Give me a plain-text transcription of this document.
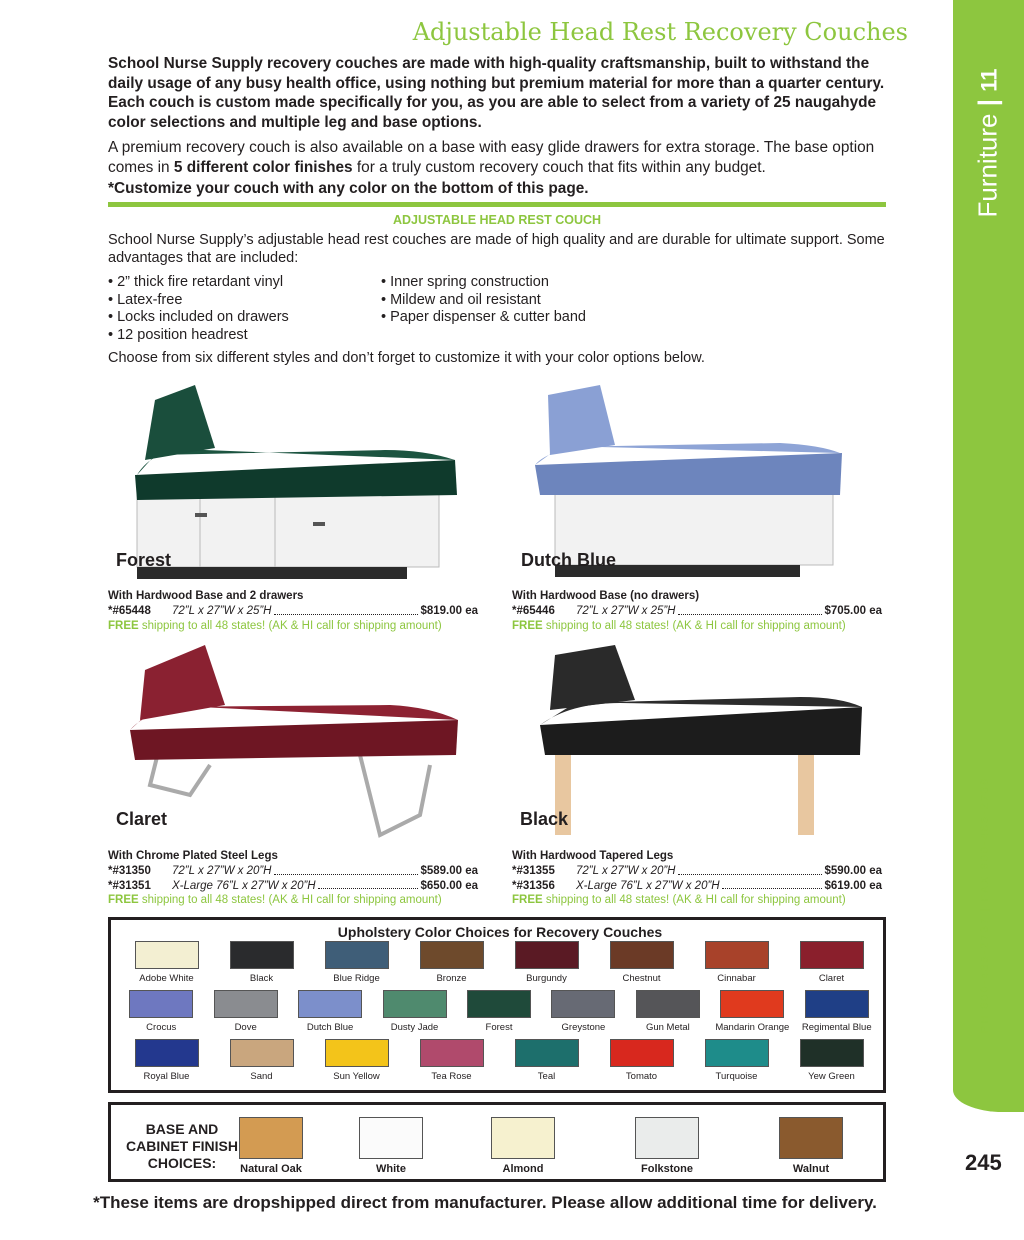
Furniture | 11
PH 800-485-2737 | FAX 800-485-2738
245
Adjustable Head Rest Recovery Couches

School Nurse Supply recovery couches are made with high-quality craftsmanship, built to withstand the daily usage of any busy health office, using nothing but premium material for more than a quarter century. Each couch is custom made specifically for you, as you are able to select from a variety of 25 naugahyde color selections and multiple leg and base options.

A premium recovery couch is also available on a base with easy glide drawers for extra storage. The base option comes in 5 different color finishes for a truly custom recovery couch that fits within any budget.
*Customize your couch with any color on the bottom of this page.
ADJUSTABLE HEAD REST COUCH
School Nurse Supply’s adjustable head rest couches are made of high quality and are durable for ultimate support. Some advantages that are included:
• 2” thick fire retardant vinyl
• Latex-free
• Locks included on drawers
• 12 position headrest
• Inner spring construction
• Mildew and oil resistant
• Paper dispenser & cutter band
Choose from six different styles and don’t forget to customize it with your color options below.
Forest	Dutch Blue
Claret	Black
With Hardwood Base and 2 drawers
*#65448	72”L x 27”W x 25”H	$819.00 ea
FREE shipping to all 48 states! (AK & HI call for shipping amount)
With Hardwood Base (no drawers)
*#65446	72”L x 27”W x 25”H	$705.00 ea
FREE shipping to all 48 states! (AK & HI call for shipping amount)
With Chrome Plated Steel Legs
*#31350	72”L x 27”W x 20”H	$589.00 ea
*#31351	X-Large 76”L x 27”W x 20”H	$650.00 ea
FREE shipping to all 48 states! (AK & HI call for shipping amount)
With Hardwood Tapered Legs
*#31355	72”L x 27”W x 20”H	$590.00 ea
*#31356	X-Large 76”L x 27”W x 20”H	$619.00 ea
FREE shipping to all 48 states! (AK & HI call for shipping amount)
Upholstery Color Choices for Recovery Couches
Adobe White	Black	Blue Ridge	Bronze	Burgundy	Chestnut	Cinnabar	Claret
Crocus	Dove	Dutch Blue	Dusty Jade	Forest	Greystone	Gun Metal	Mandarin Orange	Regimental Blue
Royal Blue	Sand	Sun Yellow	Tea Rose	Teal	Tomato	Turquoise	Yew Green
BASE AND CABINET FINISH CHOICES:	Natural Oak	White	Almond	Folkstone	Walnut
*These items are dropshipped direct from manufacturer. Please allow additional time for delivery.
